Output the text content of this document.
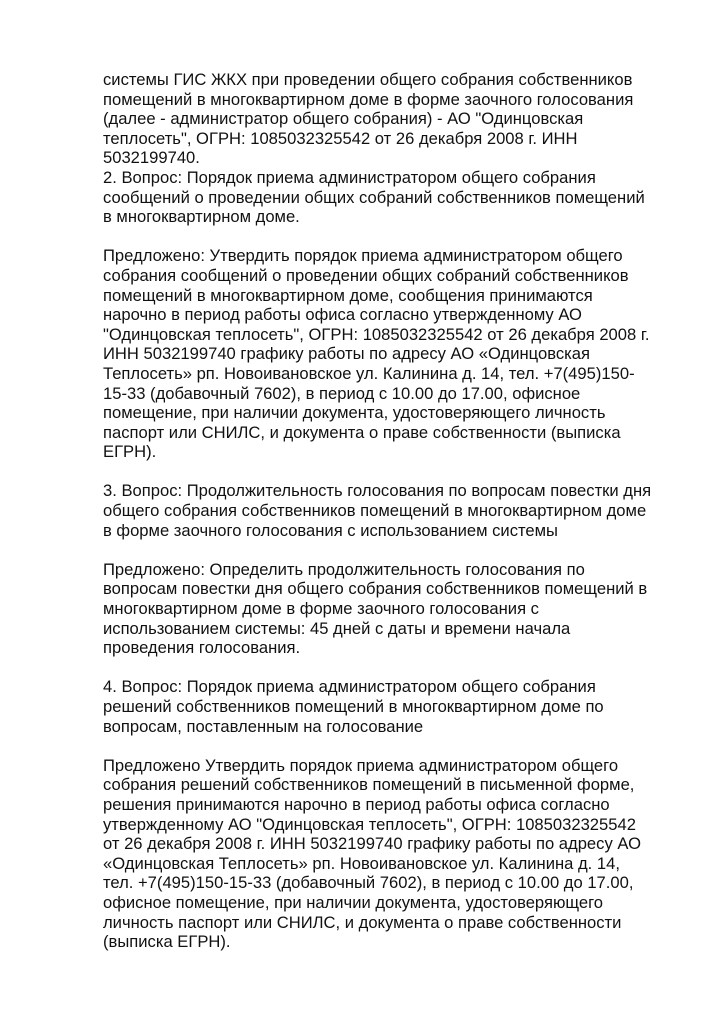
системы ГИС ЖКХ при проведении общего собрания собственников
помещений в многоквартирном доме в форме заочного голосования
(далее - администратор общего собрания) - АО "Одинцовская
теплосеть", ОГРН: 1085032325542 от 26 декабря 2008 г. ИНН
5032199740.

2. Вопрос: Порядок приема администратором общего собрания
сообщений о проведении общих собраний собственников помещений
в многоквартирном доме.

Предложено: Утвердить порядок приема администратором общего
собрания сообщений о проведении общих собраний собственников
помещений в многоквартирном доме, сообщения принимаются
нарочно в период работы офиса согласно утвержденному АО
"Одинцовская теплосеть", ОГРН: 1085032325542 от 26 декабря 2008 г.
ИНН 5032199740 графику работы по адресу АО «Одинцовская
Теплосеть» рп. Новоивановское ул. Калинина д. 14, тел. +7(495)150-
15-33 (добавочный 7602), в период с 10.00 до 17.00, офисное
помещение, при наличии документа, удостоверяющего личность
паспорт или СНИЛС, и документа о праве собственности (выписка
ЕГРН).

3. Вопрос: Продолжительность голосования по вопросам повестки дня
общего собрания собственников помещений в многоквартирном доме
в форме заочного голосования с использованием системы

Предложено: Определить продолжительность голосования по
вопросам повестки дня общего собрания собственников помещений в
многоквартирном доме в форме заочного голосования с
использованием системы: 45 дней с даты и времени начала
проведения голосования.

4. Вопрос: Порядок приема администратором общего собрания
решений собственников помещений в многоквартирном доме по
вопросам, поставленным на голосование

Предложено Утвердить порядок приема администратором общего
собрания решений собственников помещений в письменной форме,
решения принимаются нарочно в период работы офиса согласно
утвержденному АО "Одинцовская теплосеть", ОГРН: 1085032325542
от 26 декабря 2008 г. ИНН 5032199740 графику работы по адресу АО
«Одинцовская Теплосеть» рп. Новоивановское ул. Калинина д. 14,
тел. +7(495)150-15-33 (добавочный 7602), в период с 10.00 до 17.00,
офисное помещение, при наличии документа, удостоверяющего
личность паспорт или СНИЛС, и документа о праве собственности
(выписка ЕГРН).
